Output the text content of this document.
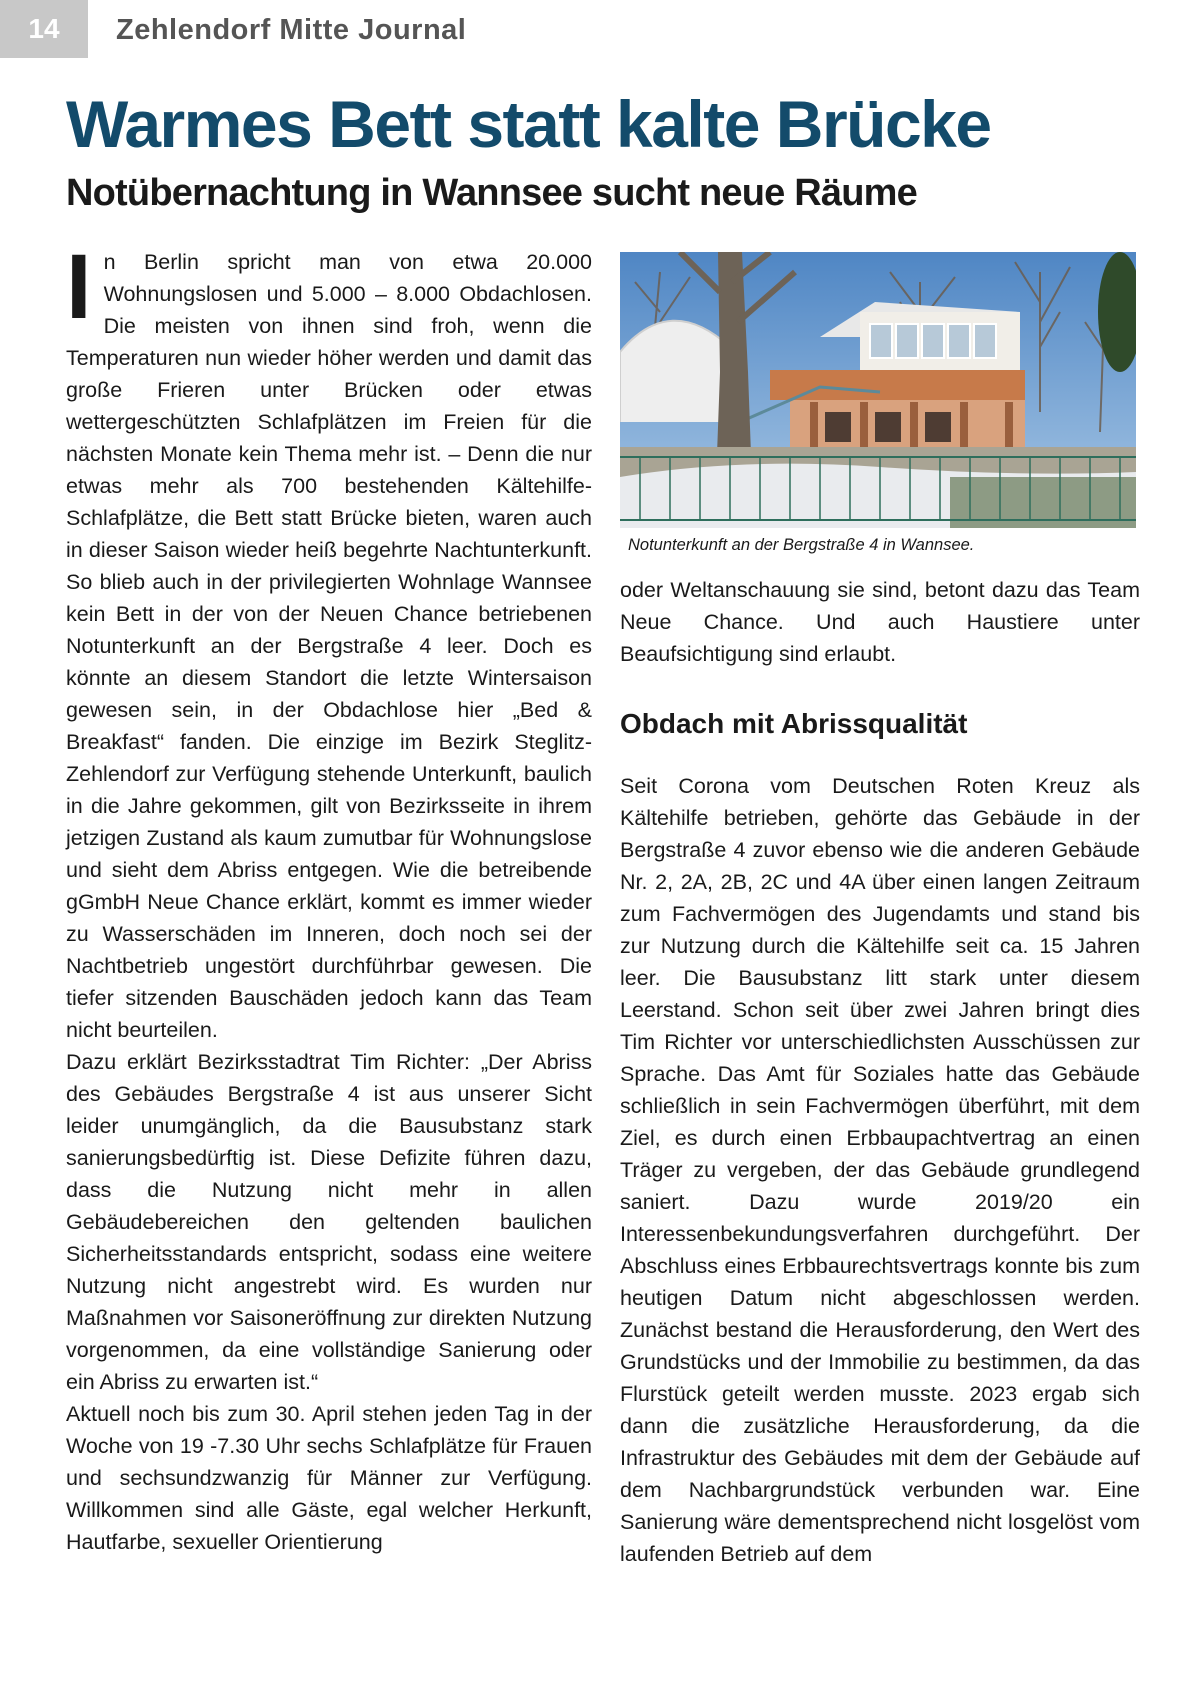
14	Zehlendorf Mitte Journal
Warmes Bett statt kalte Brücke
Notübernachtung in Wannsee sucht neue Räume

In Berlin spricht man von etwa 20.000 Wohnungslosen und 5.000 – 8.000 Obdachlosen. Die meisten von ihnen sind froh, wenn die Temperaturen nun wieder höher werden und damit das große Frieren unter Brücken oder etwas wettergeschützten Schlafplätzen im Freien für die nächsten Monate kein Thema mehr ist. – Denn die nur etwas mehr als 700 bestehenden Kältehilfe-Schlafplätze, die Bett statt Brücke bieten, waren auch in dieser Saison wieder heiß begehrte Nachtunterkunft. So blieb auch in der privilegierten Wohnlage Wannsee kein Bett in der von der Neuen Chance betriebenen Notunterkunft an der Bergstraße 4 leer. Doch es könnte an diesem Standort die letzte Wintersaison gewesen sein, in der Obdachlose hier „Bed & Breakfast“ fanden. Die einzige im Bezirk Steglitz-Zehlendorf zur Verfügung stehende Unterkunft, baulich in die Jahre gekommen, gilt von Bezirksseite in ihrem jetzigen Zustand als kaum zumutbar für Wohnungslose und sieht dem Abriss entgegen. Wie die betreibende gGmbH Neue Chance erklärt, kommt es immer wieder zu Wasserschäden im Inneren, doch noch sei der Nachtbetrieb ungestört durchführbar gewesen. Die tiefer sitzenden Bauschäden jedoch kann das Team nicht beurteilen.

Dazu erklärt Bezirksstadtrat Tim Richter: „Der Abriss des Gebäudes Bergstraße 4 ist aus unserer Sicht leider unumgänglich, da die Bausubstanz stark sanierungsbedürftig ist. Diese Defizite führen dazu, dass die Nutzung nicht mehr in allen Gebäudebereichen den geltenden baulichen Sicherheitsstandards entspricht, sodass eine weitere Nutzung nicht angestrebt wird. Es wurden nur Maßnahmen vor Saisoneröffnung zur direkten Nutzung vorgenommen, da eine vollständige Sanierung oder ein Abriss zu erwarten ist.“

Aktuell noch bis zum 30. April stehen jeden Tag in der Woche von 19 -7.30 Uhr sechs Schlafplätze für Frauen und sechsundzwanzig für Männer zur Verfügung. Willkommen sind alle Gäste, egal welcher Herkunft, Hautfarbe, sexueller Orientierung

Notunterkunft an der Bergstraße 4 in Wannsee.

oder Weltanschauung sie sind, betont dazu das Team Neue Chance. Und auch Haustiere unter Beaufsichtigung sind erlaubt.

Obdach mit Abrissqualität

Seit Corona vom Deutschen Roten Kreuz als Kältehilfe betrieben, gehörte das Gebäude in der Bergstraße 4 zuvor ebenso wie die anderen Gebäude Nr. 2, 2A, 2B, 2C und 4A über einen langen Zeitraum zum Fachvermögen des Jugendamts und stand bis zur Nutzung durch die Kältehilfe seit ca. 15 Jahren leer. Die Bausubstanz litt stark unter diesem Leerstand. Schon seit über zwei Jahren bringt dies Tim Richter vor unterschiedlichsten Ausschüssen zur Sprache. Das Amt für Soziales hatte das Gebäude schließlich in sein Fachvermögen überführt, mit dem Ziel, es durch einen Erbbaupachtvertrag an einen Träger zu vergeben, der das Gebäude grundlegend saniert. Dazu wurde 2019/20 ein Interessenbekundungsverfahren durchgeführt. Der Abschluss eines Erbbaurechtsvertrags konnte bis zum heutigen Datum nicht abgeschlossen werden. Zunächst bestand die Herausforderung, den Wert des Grundstücks und der Immobilie zu bestimmen, da das Flurstück geteilt werden musste. 2023 ergab sich dann die zusätzliche Herausforderung, da die Infrastruktur des Gebäudes mit dem der Gebäude auf dem Nachbargrundstück verbunden war. Eine Sanierung wäre dementsprechend nicht losgelöst vom laufenden Betrieb auf dem
